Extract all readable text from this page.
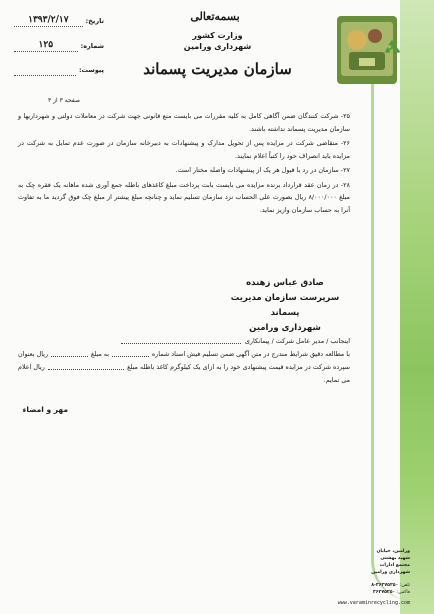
بسمه‌تعالی
وزارت کشور
شهرداری ورامین
سازمان مدیریت پسماند
تاریخ:
۱۳۹۳/۲/۱۷
شماره:
۱۲۵
پیوست:
صفحه ۳ از ۳

۲۵- شرکت کنندگان ضمن آگاهی کامل به کلیه مقررات می بایست منع قانونی جهت شرکت در معاملات دولتی و شهرداریها و سازمان مدیریت پسماند نداشته باشند.

۲۶- متقاضی شرکت در مزایده پس از تحویل مدارک و پیشنهادات به دبیرخانه سازمان در صورت عدم تمایل به شرکت در مزایده باید انصراف خود را کتباً اعلام نمایند.

۲۷- سازمان در رد یا قبول هر یک از پیشنهادات واصله مختار است.

۲۸- در زمان عقد قرارداد برنده مزایده می بایست بابت پرداخت مبلغ کاغذهای باطله جمع آوری شده ماهانه یک فقره چک به مبلغ ۸/۰۰۰/۰۰۰ ریال بصورت علی الحساب نزد سازمان تسلیم نماید و چنانچه مبلغ پیشتر از مبلغ چک فوق گردید ما به تفاوت آنرا به حساب سازمان واریز نماید.

صادق عباس زهنده
سرپرست سازمان مدیریت پسماند
شهرداری ورامین
اینجانب / مدیر عامل شرکت / پیمانکاری
با مطالعه دقیق شرایط مندرج در متن آگهی ضمن تسلیم فیش اسناد شماره
به مبلغ
ریال بعنوان
سپرده شرکت در مزایده قیمت پیشنهادی خود را به ازای یک کیلوگرم کاغذ باطله مبلغ
ریال اعلام
می نمایم.
مهر و امضاء
ورامین، خیابان شهید بهشتی
مجتمع ادارات
شهرداری ورامین
تلفن: ۳۶۲۷۵۲۵۰-۸
فاکس: ۳۶۲۷۵۲۵۰
www.varaminrecycling.com
